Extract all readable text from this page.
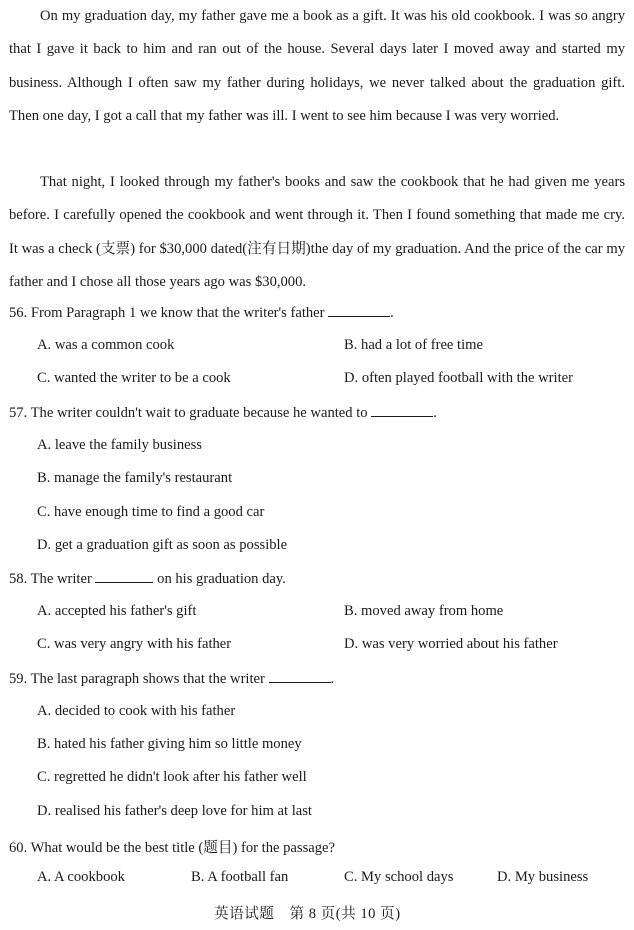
On my graduation day, my father gave me a book as a gift. It was his old cookbook. I was so angry that I gave it back to him and ran out of the house. Several days later I moved away and started my business. Although I often saw my father during holidays, we never talked about the graduation gift. Then one day, I got a call that my father was ill. I went to see him because I was very worried.

That night, I looked through my father's books and saw the cookbook that he had given me years before. I carefully opened the cookbook and went through it. Then I found something that made me cry. It was a check (支票) for $30,000 dated(注有日期)the day of my graduation. And the price of the car my father and I chose all those years ago was $30,000.

56. From Paragraph 1 we know that the writer's father	.
A. was a common cook	B. had a lot of free time
C. wanted the writer to be a cook	D. often played football with the writer
57. The writer couldn't wait to graduate because he wanted to	.
A. leave the family business
B. manage the family's restaurant
C. have enough time to find a good car
D. get a graduation gift as soon as possible
58. The writer	on his graduation day.
A. accepted his father's gift	B. moved away from home
C. was very angry with his father	D. was very worried about his father
59. The last paragraph shows that the writer	.
A. decided to cook with his father
B. hated his father giving him so little money
C. regretted he didn't look after his father well
D. realised his father's deep love for him at last
60. What would be the best title (题目) for the passage?
A. A cookbook	B. A football fan	C. My school days	D. My business
英语试题　第 8 页(共 10 页)
